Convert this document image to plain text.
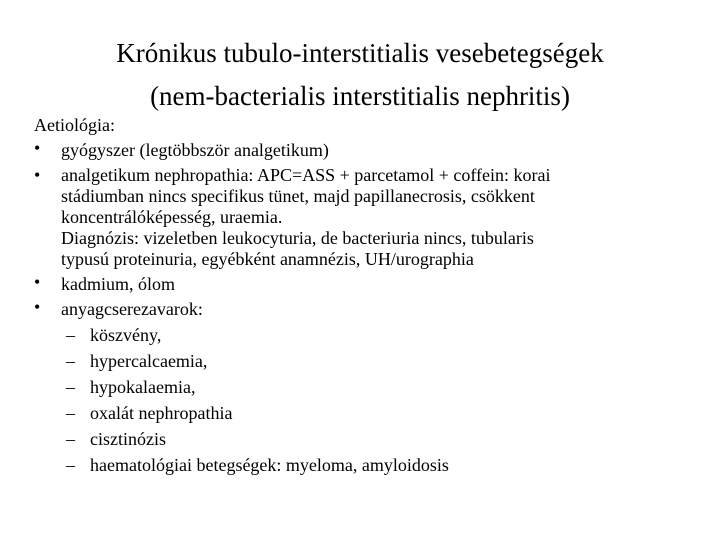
Krónikus tubulo-interstitialis vesebetegségek
(nem-bacterialis interstitialis nephritis)
Aetiológia:
• gyógyszer (legtöbbször analgetikum)
• analgetikum nephropathia: APC=ASS + parcetamol + coffein: korai
stádiumban nincs specifikus tünet, majd papillanecrosis, csökkent
koncentrálóképesség, uraemia.
Diagnózis: vizeletben leukocyturia, de bacteriuria nincs, tubularis
typusú proteinuria, egyébként anamnézis, UH/urographia
• kadmium, ólom
• anyagcserezavarok:
– köszvény,
– hypercalcaemia,
– hypokalaemia,
– oxalát nephropathia
– cisztinózis
– haematológiai betegségek: myeloma, amyloidosis
